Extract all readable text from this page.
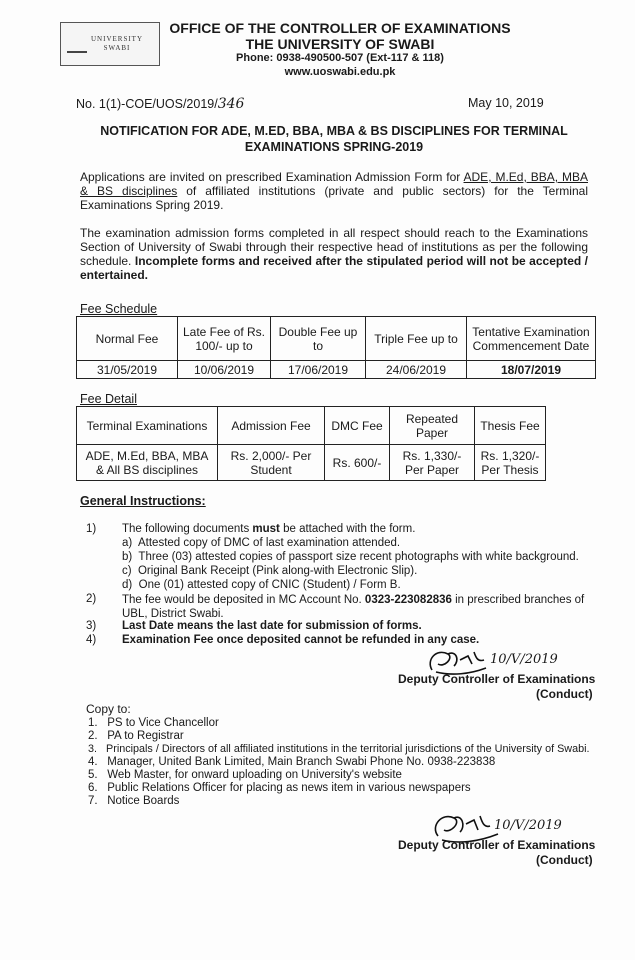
UNIVERSITY
SWABI
OFFICE OF THE CONTROLLER OF EXAMINATIONS
THE UNIVERSITY OF SWABI
Phone: 0938-490500-507 (Ext-117 & 118)
www.uoswabi.edu.pk
No. 1(1)-COE/UOS/2019/346	May 10, 2019
NOTIFICATION FOR ADE, M.ED, BBA, MBA & BS DISCIPLINES FOR TERMINAL
EXAMINATIONS SPRING-2019
Applications are invited on prescribed Examination Admission Form for ADE, M.Ed, BBA, MBA & BS disciplines of affiliated institutions (private and public sectors) for the Terminal Examinations Spring 2019.
The examination admission forms completed in all respect should reach to the Examinations Section of University of Swabi through their respective head of institutions as per the following schedule. Incomplete forms and received after the stipulated period will not be accepted / entertained.
Fee Schedule
Normal Fee	Late Fee of Rs. 100/- up to	Double Fee up to	Triple Fee up to	Tentative Examination Commencement Date
31/05/2019	10/06/2019	17/06/2019	24/06/2019	18/07/2019
Fee Detail
Terminal Examinations	Admission Fee	DMC Fee	Repeated Paper	Thesis Fee
ADE, M.Ed, BBA, MBA & All BS disciplines	Rs. 2,000/- Per Student	Rs. 600/-	Rs. 1,330/- Per Paper	Rs. 1,320/- Per Thesis
General Instructions:
1) The following documents must be attached with the form.
a) Attested copy of DMC of last examination attended.
b) Three (03) attested copies of passport size recent photographs with white background.
c) Original Bank Receipt (Pink along-with Electronic Slip).
d) One (01) attested copy of CNIC (Student) / Form B.
2) The fee would be deposited in MC Account No. 0323-223082836 in prescribed branches of UBL, District Swabi.
3) Last Date means the last date for submission of forms.
4) Examination Fee once deposited cannot be refunded in any case.
10/V/2019
Deputy Controller of Examinations
(Conduct)
Copy to:
1. PS to Vice Chancellor
2. PA to Registrar
3. Principals / Directors of all affiliated institutions in the territorial jurisdictions of the University of Swabi.
4. Manager, United Bank Limited, Main Branch Swabi Phone No. 0938-223838
5. Web Master, for onward uploading on University's website
6. Public Relations Officer for placing as news item in various newspapers
7. Notice Boards
10/V/2019
Deputy Controller of Examinations
(Conduct)
